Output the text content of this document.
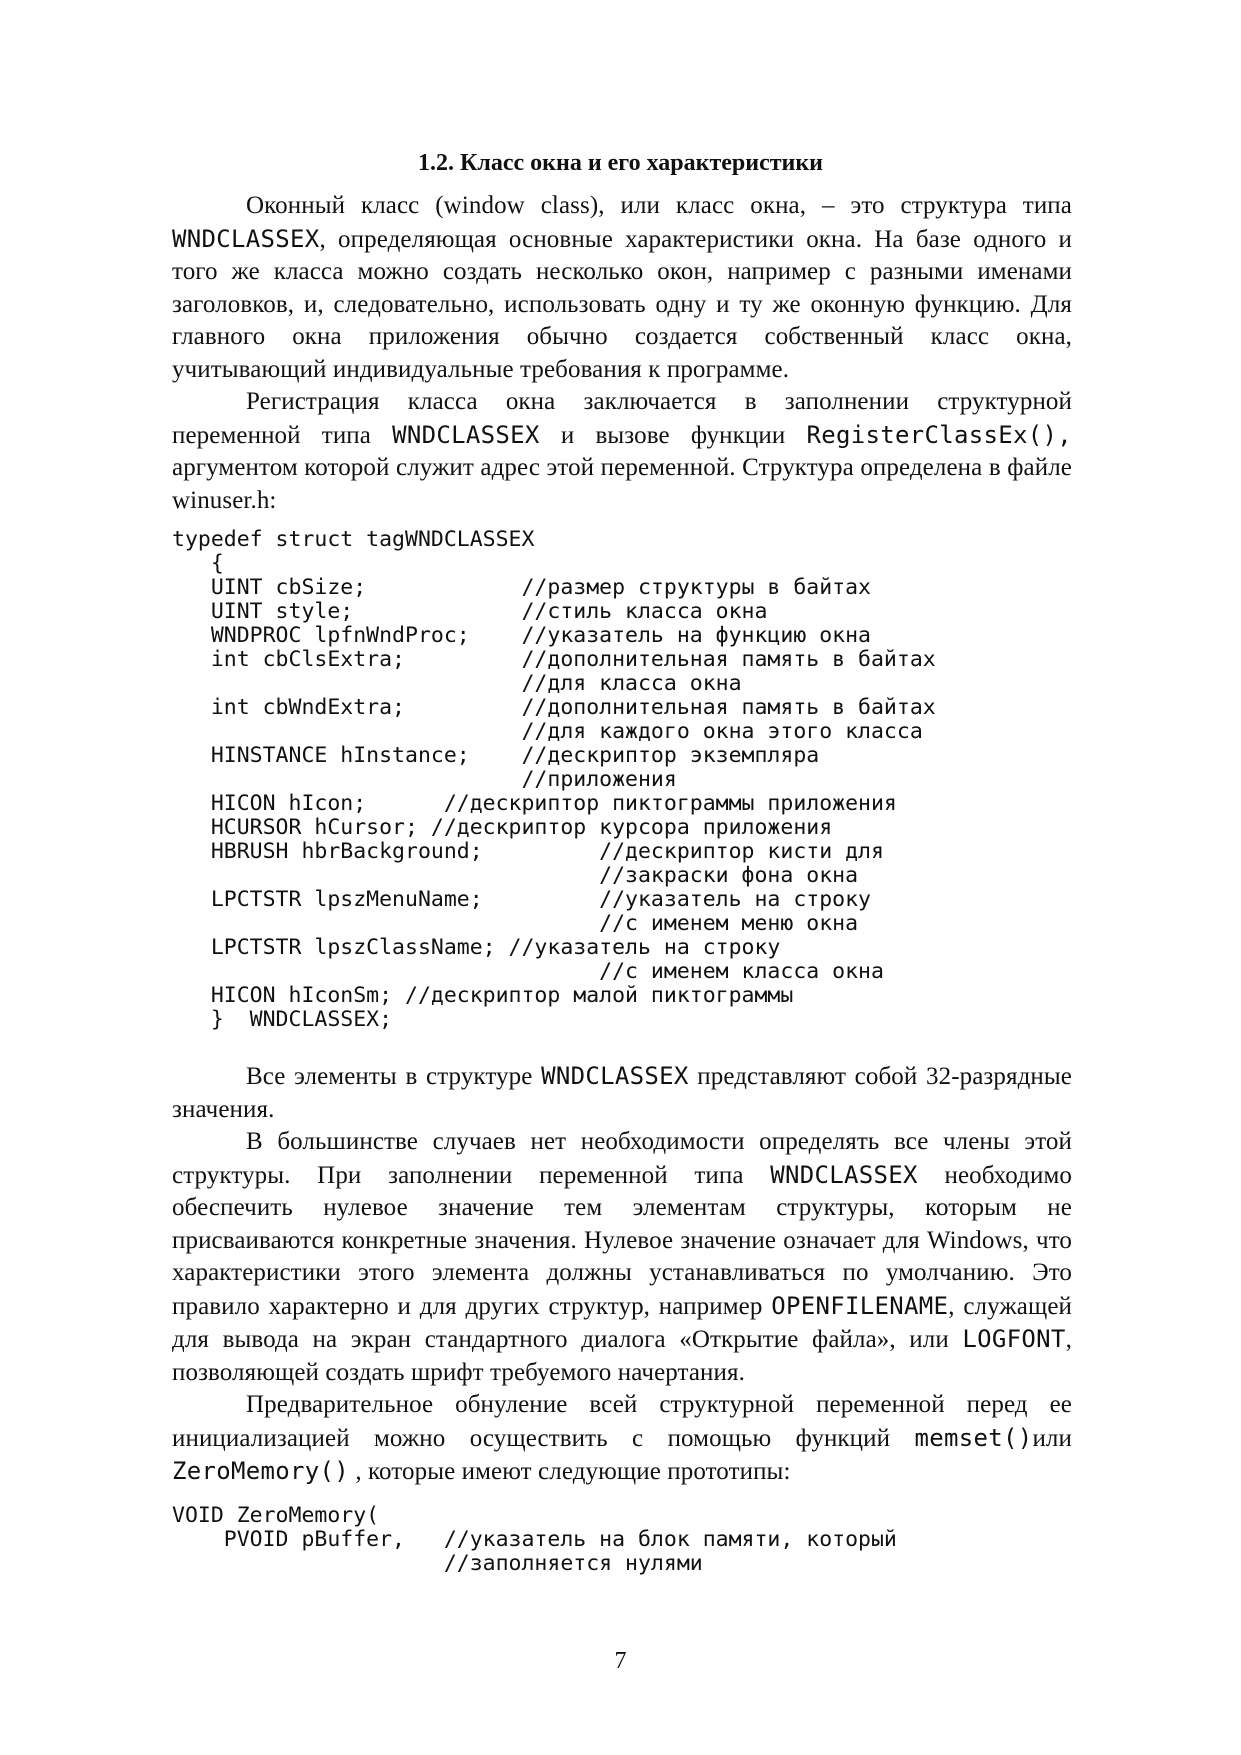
1.2. Класс окна и его характеристики

Оконный класс (window class), или класс окна, – это структура типа WNDCLASSEX, определяющая основные характеристики окна. На базе одного и того же класса можно создать несколько окон, например с разными именами заголовков, и, следовательно, использовать одну и ту же оконную функцию. Для главного окна приложения обычно создается собственный класс окна, учитывающий индивидуальные требования к программе.

Регистрация класса окна заключается в заполнении структурной переменной типа WNDCLASSEX и вызове функции RegisterClassEx(), аргументом которой служит адрес этой переменной. Структура определена в файле winuser.h:

typedef struct tagWNDCLASSEX
{
UINT cbSize;            //размер структуры в байтах
UINT style;             //стиль класса окна
WNDPROC lpfnWndProc;    //указатель на функцию окна
int cbClsExtra;         //дополнительная память в байтах
//для класса окна
int cbWndExtra;         //дополнительная память в байтах
//для каждого окна этого класса
HINSTANCE hInstance;    //дескриптор экземпляра
//приложения
HICON hIcon;      //дескриптор пиктограммы приложения
HCURSOR hCursor; //дескриптор курсора приложения
HBRUSH hbrBackground;         //дескриптор кисти для
//закраски фона окна
LPCTSTR lpszMenuName;         //указатель на строку
//с именем меню окна
LPCTSTR lpszClassName; //указатель на строку
//с именем класса окна
HICON hIconSm; //дескриптор малой пиктограммы
}  WNDCLASSEX;

Все элементы в структуре WNDCLASSEX представляют собой 32-разрядные значения.

В большинстве случаев нет необходимости определять все члены этой структуры. При заполнении переменной типа WNDCLASSEX необходимо обеспечить нулевое значение тем элементам структуры, которым не присваиваются конкретные значения. Нулевое значение означает для Windows, что характеристики этого элемента должны устанавливаться по умолчанию. Это правило характерно и для других структур, например OPENFILENAME, служащей для вывода на экран стандартного диалога «Открытие файла», или LOGFONT, позволяющей создать шрифт требуемого начертания.

Предварительное обнуление всей структурной переменной перед ее инициализацией можно осуществить с помощью функций memset()или ZeroMemory() , которые имеют следующие прототипы:

VOID ZeroMemory(
PVOID pBuffer,   //указатель на блок памяти, который
//заполняется нулями
7
